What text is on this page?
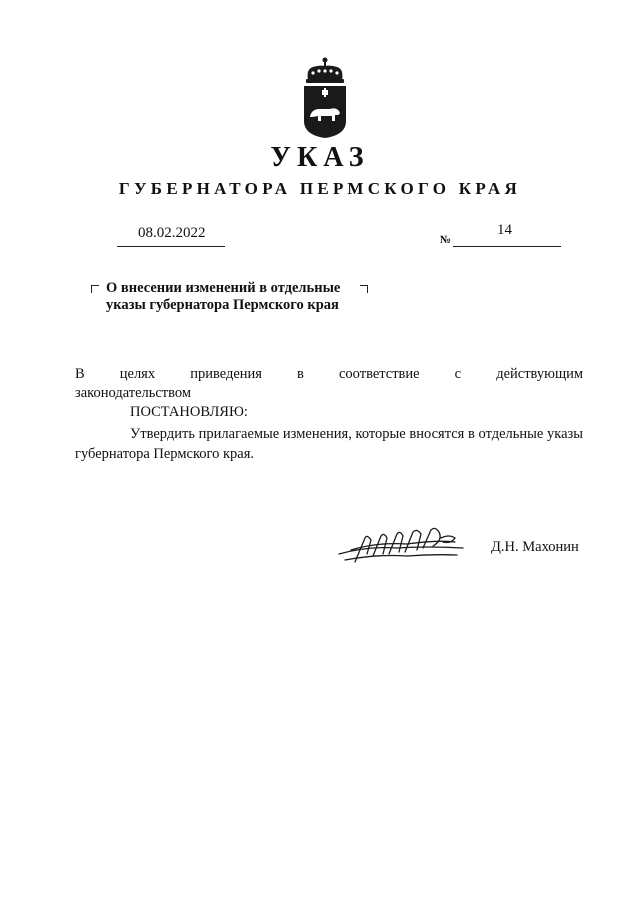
УКАЗ
ГУБЕРНАТОРА ПЕРМСКОГО КРАЯ
08.02.2022	№
14
О внесении изменений в отдельные
указы губернатора Пермского края
В целях приведения в соответствие с действующим
законодательством
ПОСТАНОВЛЯЮ:
Утвердить прилагаемые изменения, которые вносятся в отдельные указы губернатора Пермского края.
Д.Н. Махонин
